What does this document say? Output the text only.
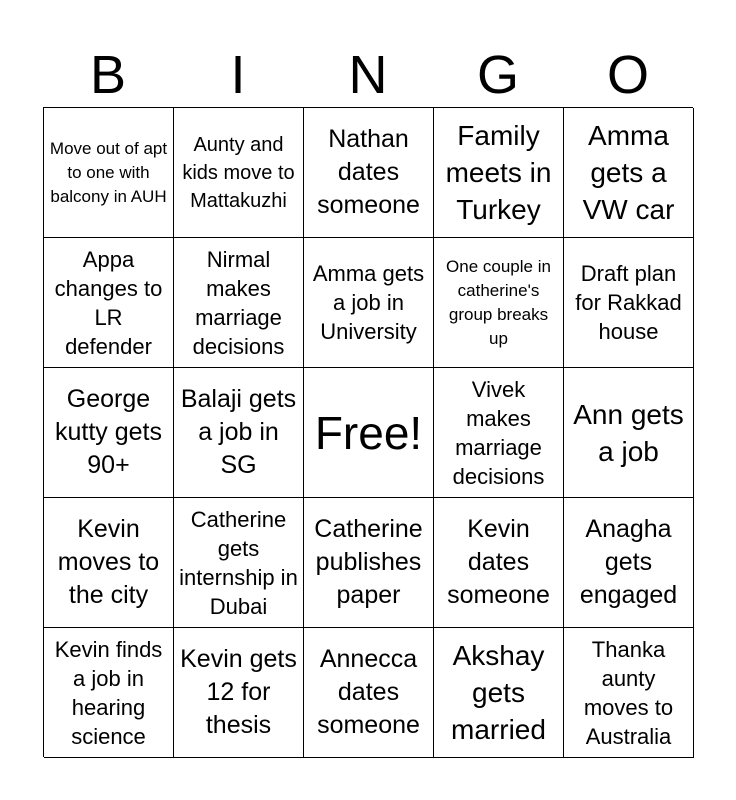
B	I	N	G	O
Move out of apt to one with balcony in AUH
Aunty and kids move to Mattakuzhi
Nathan dates someone
Family meets in Turkey
Amma gets a VW car
Appa changes to LR defender
Nirmal makes marriage decisions
Amma gets a job in University
One couple in catherine's group breaks up
Draft plan for Rakkad house
George kutty gets 90+
Balaji gets a job in SG
Free!
Vivek makes marriage decisions
Ann gets a job
Kevin moves to the city
Catherine gets internship in Dubai
Catherine publishes paper
Kevin dates someone
Anagha gets engaged
Kevin finds a job in hearing science
Kevin gets 12 for thesis
Annecca dates someone
Akshay gets married
Thanka aunty moves to Australia
